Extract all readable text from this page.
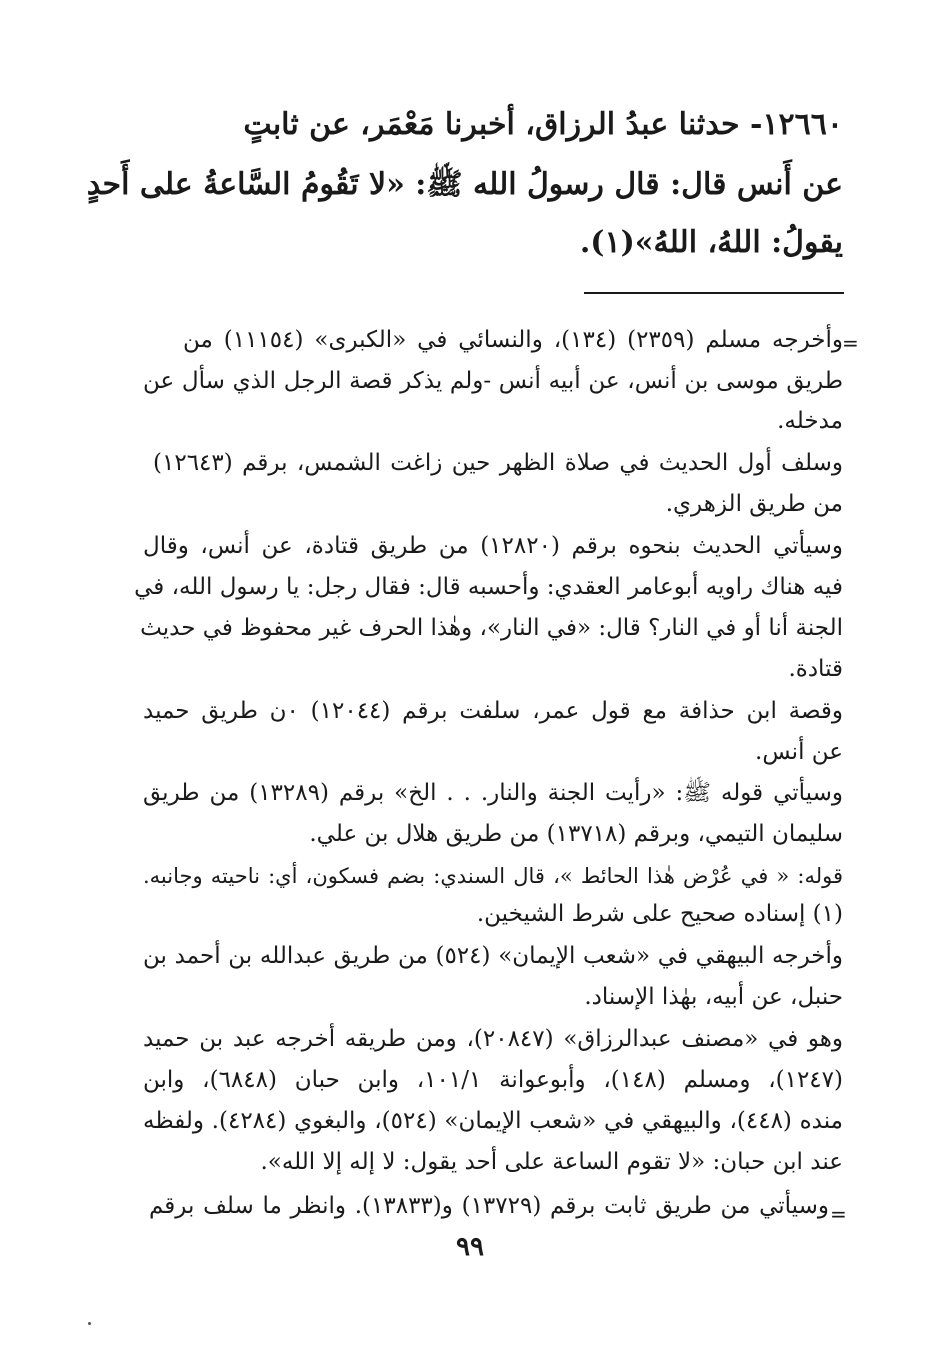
١٢٦٦٠- حدثنا عبدُ الرزاق، أخبرنا مَعْمَر، عن ثابتٍ
عن أَنس قال: قال رسولُ الله ﷺ: «لا تَقُومُ السَّاعةُ على أَحدٍ
يقولُ: اللهُ، اللهُ»(١).
=
وأخرجه مسلم (٢٣٥٩) (١٣٤)، والنسائي في «الكبرى» (١١١٥٤) من
طريق موسى بن أنس، عن أبيه أنس -ولم يذكر قصة الرجل الذي سأل عن
مدخله.
وسلف أول الحديث في صلاة الظهر حين زاغت الشمس، برقم (١٢٦٤٣)
من طريق الزهري.
وسيأتي الحديث بنحوه برقم (١٢٨٢٠) من طريق قتادة، عن أنس، وقال
فيه هناك راويه أبوعامر العقدي: وأحسبه قال: فقال رجل: يا رسول الله، في
الجنة أنا أو في النار؟ قال: «في النار»، وهٰذا الحرف غير محفوظ في حديث
قتادة.
وقصة ابن حذافة مع قول عمر، سلفت برقم (١٢٠٤٤) ٠ن طريق حميد
عن أنس.
وسيأتي قوله ﷺ: «رأيت الجنة والنار. . . الخ» برقم (١٣٢٨٩) من طريق
سليمان التيمي، وبرقم (١٣٧١٨) من طريق هلال بن علي.
قوله: « في عُرْض هٰذا الحائط »، قال السندي: بضم فسكون، أي: ناحيته وجانبه.
(١) إسناده صحيح على شرط الشيخين.
وأخرجه البيهقي في «شعب الإيمان» (٥٢٤) من طريق عبدالله بن أحمد بن
حنبل، عن أبيه، بهٰذا الإسناد.
وهو في «مصنف عبدالرزاق» (٢٠٨٤٧)، ومن طريقه أخرجه عبد بن حميد
(١٢٤٧)، ومسلم (١٤٨)، وأبوعوانة ١٠١/١، وابن حبان (٦٨٤٨)، وابن
منده (٤٤٨)، والبيهقي في «شعب الإيمان» (٥٢٤)، والبغوي (٤٢٨٤). ولفظه
عند ابن حبان: «لا تقوم الساعة على أحد يقول: لا إله إلا الله».
وسيأتي من طريق ثابت برقم (١٣٧٢٩) و(١٣٨٣٣). وانظر ما سلف برقم =
٩٩
